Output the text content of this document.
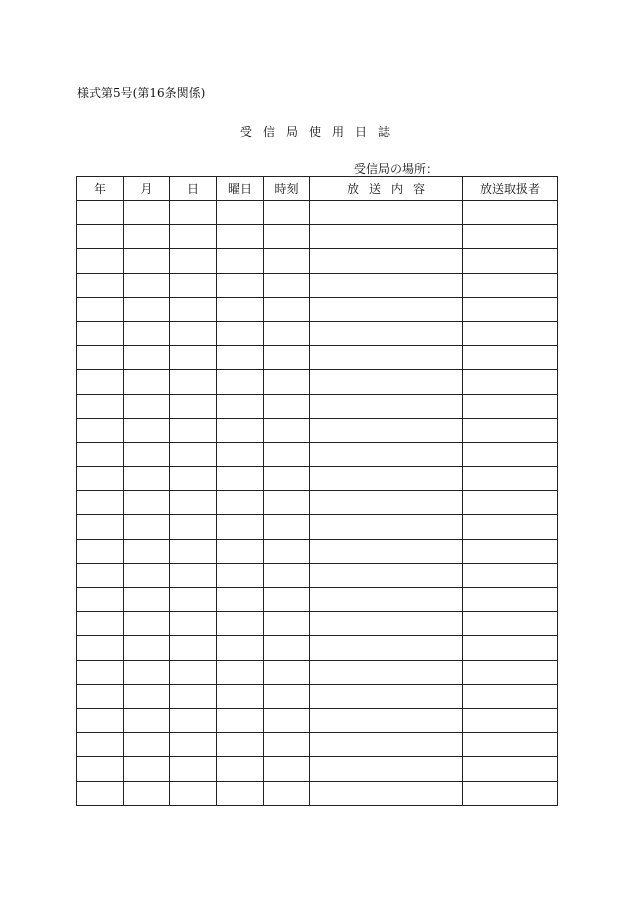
様式第5号(第16条関係)
受信局使用日誌
受信局の場所：
年	月	日	曜日	時刻	放送内容	放送取扱者
